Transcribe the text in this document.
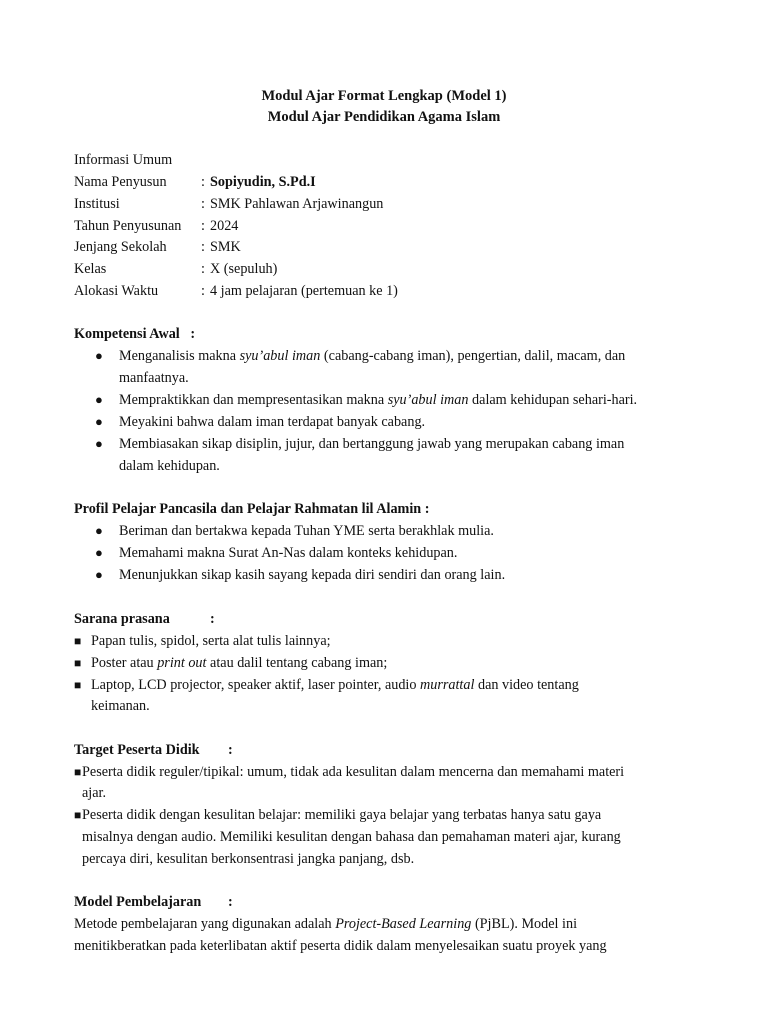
Modul Ajar Format Lengkap (Model 1)
Modul Ajar Pendidikan Agama Islam
Informasi Umum
Nama Penyusun : Sopiyudin, S.Pd.I
Institusi	: SMK Pahlawan Arjawinangun
Tahun Penyusunan : 2024
Jenjang Sekolah : SMK
Kelas	: X (sepuluh)
Alokasi Waktu	: 4 jam pelajaran (pertemuan ke 1)
Kompetensi Awal   :
● Menganalisis makna syu’abul iman (cabang-cabang iman), pengertian, dalil, macam, dan
manfaatnya.
● Mempraktikkan dan mempresentasikan makna syu’abul iman dalam kehidupan sehari-hari.
● Meyakini bahwa dalam iman terdapat banyak cabang.
● Membiasakan sikap disiplin, jujur, dan bertanggung jawab yang merupakan cabang iman
dalam kehidupan.
Profil Pelajar Pancasila dan Pelajar Rahmatan lil Alamin :
● Beriman dan bertakwa kepada Tuhan YME serta berakhlak mulia.
● Memahami makna Surat An-Nas dalam konteks kehidupan.
● Menunjukkan sikap kasih sayang kepada diri sendiri dan orang lain.
Sarana prasana	:
■ Papan tulis, spidol, serta alat tulis lainnya;
■ Poster atau print out atau dalil tentang cabang iman;
■ Laptop, LCD projector, speaker aktif, laser pointer, audio murrattal dan video tentang
keimanan.
Target Peserta Didik :
■ Peserta didik reguler/tipikal: umum, tidak ada kesulitan dalam mencerna dan memahami materi
ajar.
■ Peserta didik dengan kesulitan belajar: memiliki gaya belajar yang terbatas hanya satu gaya
misalnya dengan audio. Memiliki kesulitan dengan bahasa dan pemahaman materi ajar, kurang
percaya diri, kesulitan berkonsentrasi jangka panjang, dsb.
Model Pembelajaran :
Metode pembelajaran yang digunakan adalah Project-Based Learning (PjBL). Model ini
menitikberatkan pada keterlibatan aktif peserta didik dalam menyelesaikan suatu proyek yang
